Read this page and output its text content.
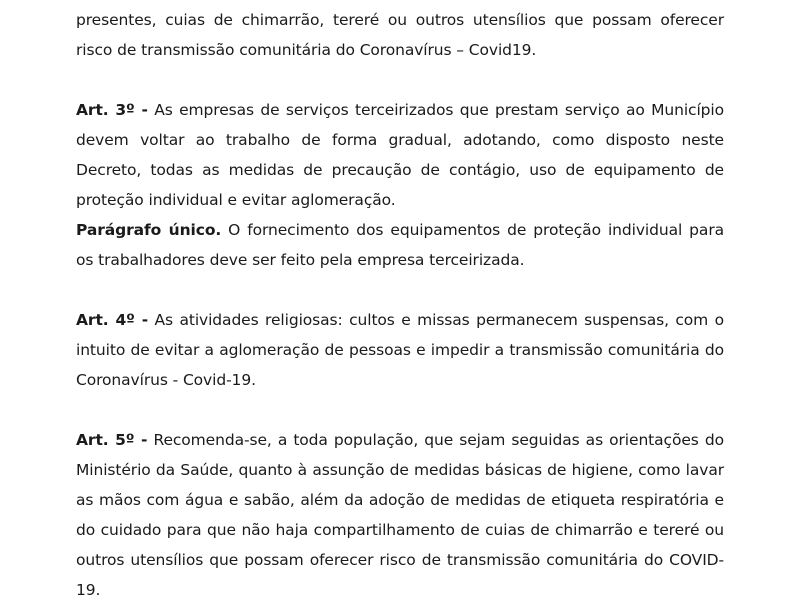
presentes, cuias de chimarrão, tereré ou outros utensílios que possam oferecer risco de transmissão comunitária do Coronavírus – Covid19.

Art. 3º - As empresas de serviços terceirizados que prestam serviço ao Município devem voltar ao trabalho de forma gradual, adotando, como disposto neste Decreto, todas as medidas de precaução de contágio, uso de equipamento de proteção individual e evitar aglomeração.

Parágrafo único. O fornecimento dos equipamentos de proteção individual para os trabalhadores deve ser feito pela empresa terceirizada.

Art. 4º - As atividades religiosas: cultos e missas permanecem suspensas, com o intuito de evitar a aglomeração de pessoas e impedir a transmissão comunitária do Coronavírus - Covid-19.

Art. 5º - Recomenda-se, a toda população, que sejam seguidas as orientações do Ministério da Saúde, quanto à assunção de medidas básicas de higiene, como lavar as mãos com água e sabão, além da adoção de medidas de etiqueta respiratória e do cuidado para que não haja compartilhamento de cuias de chimarrão e tereré ou outros utensílios que possam oferecer risco de transmissão comunitária do COVID-19.
